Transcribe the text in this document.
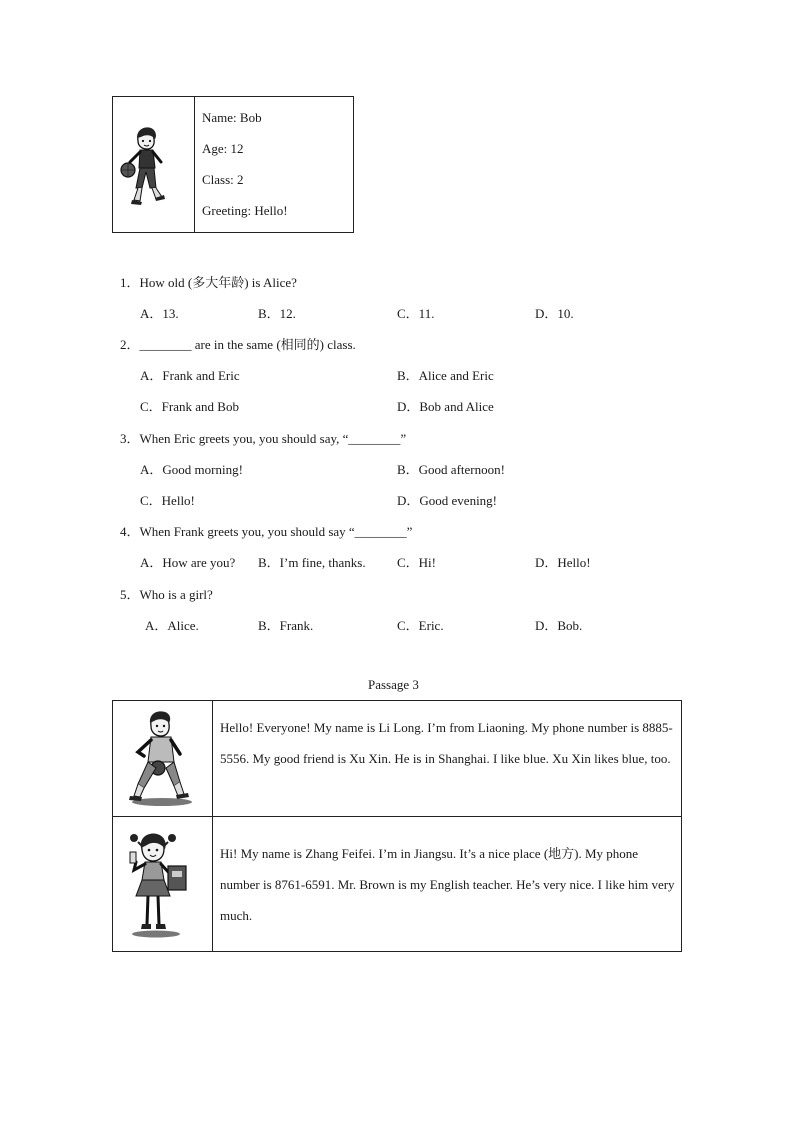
Name: Bob
Age: 12
Class: 2
Greeting: Hello!
1．How old (多大年龄) is Alice?
A．13.	B．12.	C．11.	D．10.
2．________ are in the same (相同的) class.
A．Frank and Eric	B．Alice and Eric
C．Frank and Bob	D．Bob and Alice
3．When Eric greets you, you should say, “________”
A．Good morning!	B．Good afternoon!
C．Hello!	D．Good evening!
4．When Frank greets you, you should say “________”
A．How are you? B．I’m fine, thanks. C．Hi!	D．Hello!
5．Who is a girl?
A．Alice.	B．Frank.	C．Eric.	D．Bob.
Passage 3
Hello! Everyone! My name is Li Long. I’m from Liaoning. My phone number is 8885-5556. My good friend is Xu Xin. He is in Shanghai. I like blue. Xu Xin likes blue, too.
Hi! My name is Zhang Feifei. I’m in Jiangsu. It’s a nice place (地方). My phone number is 8761-6591. Mr. Brown is my English teacher. He’s very nice. I like him very much.
